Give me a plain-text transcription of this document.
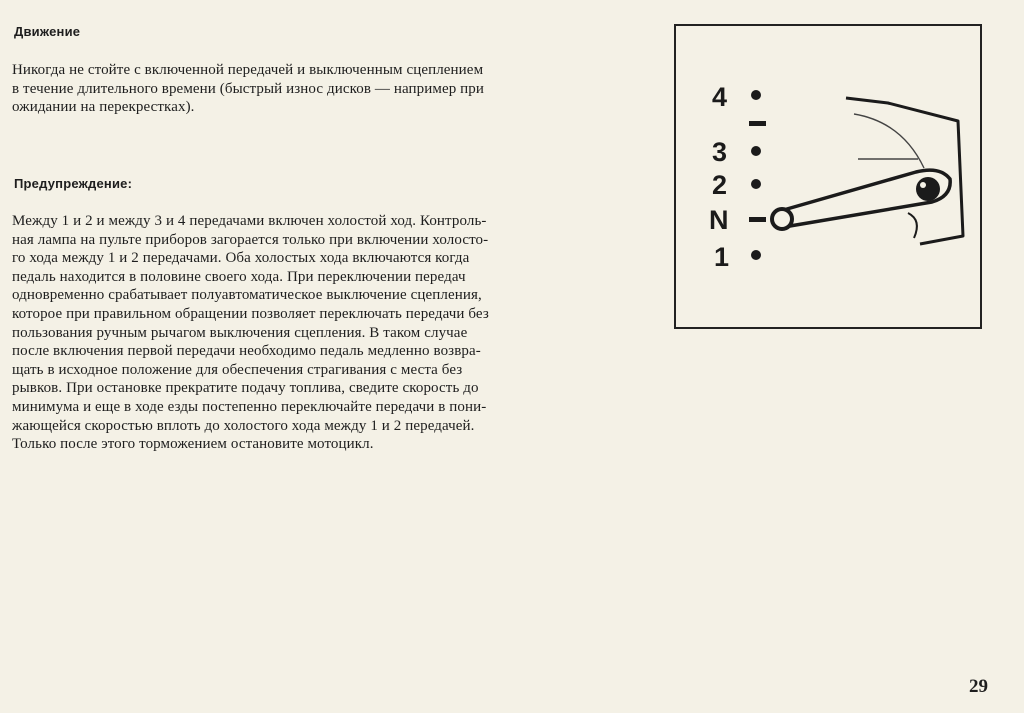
Движение

Никогда не стойте с включенной передачей и выключенным сцеплением
в течение длительного времени (быстрый износ дисков — например при
ожидании на перекрестках).

Предупреждение:

Между 1 и 2 и между 3 и 4 передачами включен холостой ход. Контроль-
ная лампа на пульте приборов загорается только при включении холосто-
го хода между 1 и 2 передачами. Оба холостых хода включаются когда
педаль находится в половине своего хода. При переключении передач
одновременно срабатывает полуавтоматическое выключение сцепления,
которое при правильном обращении позволяет переключать передачи без
пользования ручным рычагом выключения сцепления. В таком случае
после включения первой передачи необходимо педаль медленно возвра-
щать в исходное положение для обеспечения страгивания с места без
рывков. При остановке прекратите подачу топлива, сведите скорость до
минимума и еще в ходе езды постепенно переключайте передачи в пони-
жающейся скоростью вплоть до холостого хода между 1 и 2 передачей.
Только после этого торможением остановите мотоцикл.

4
3
2
N
1

29
